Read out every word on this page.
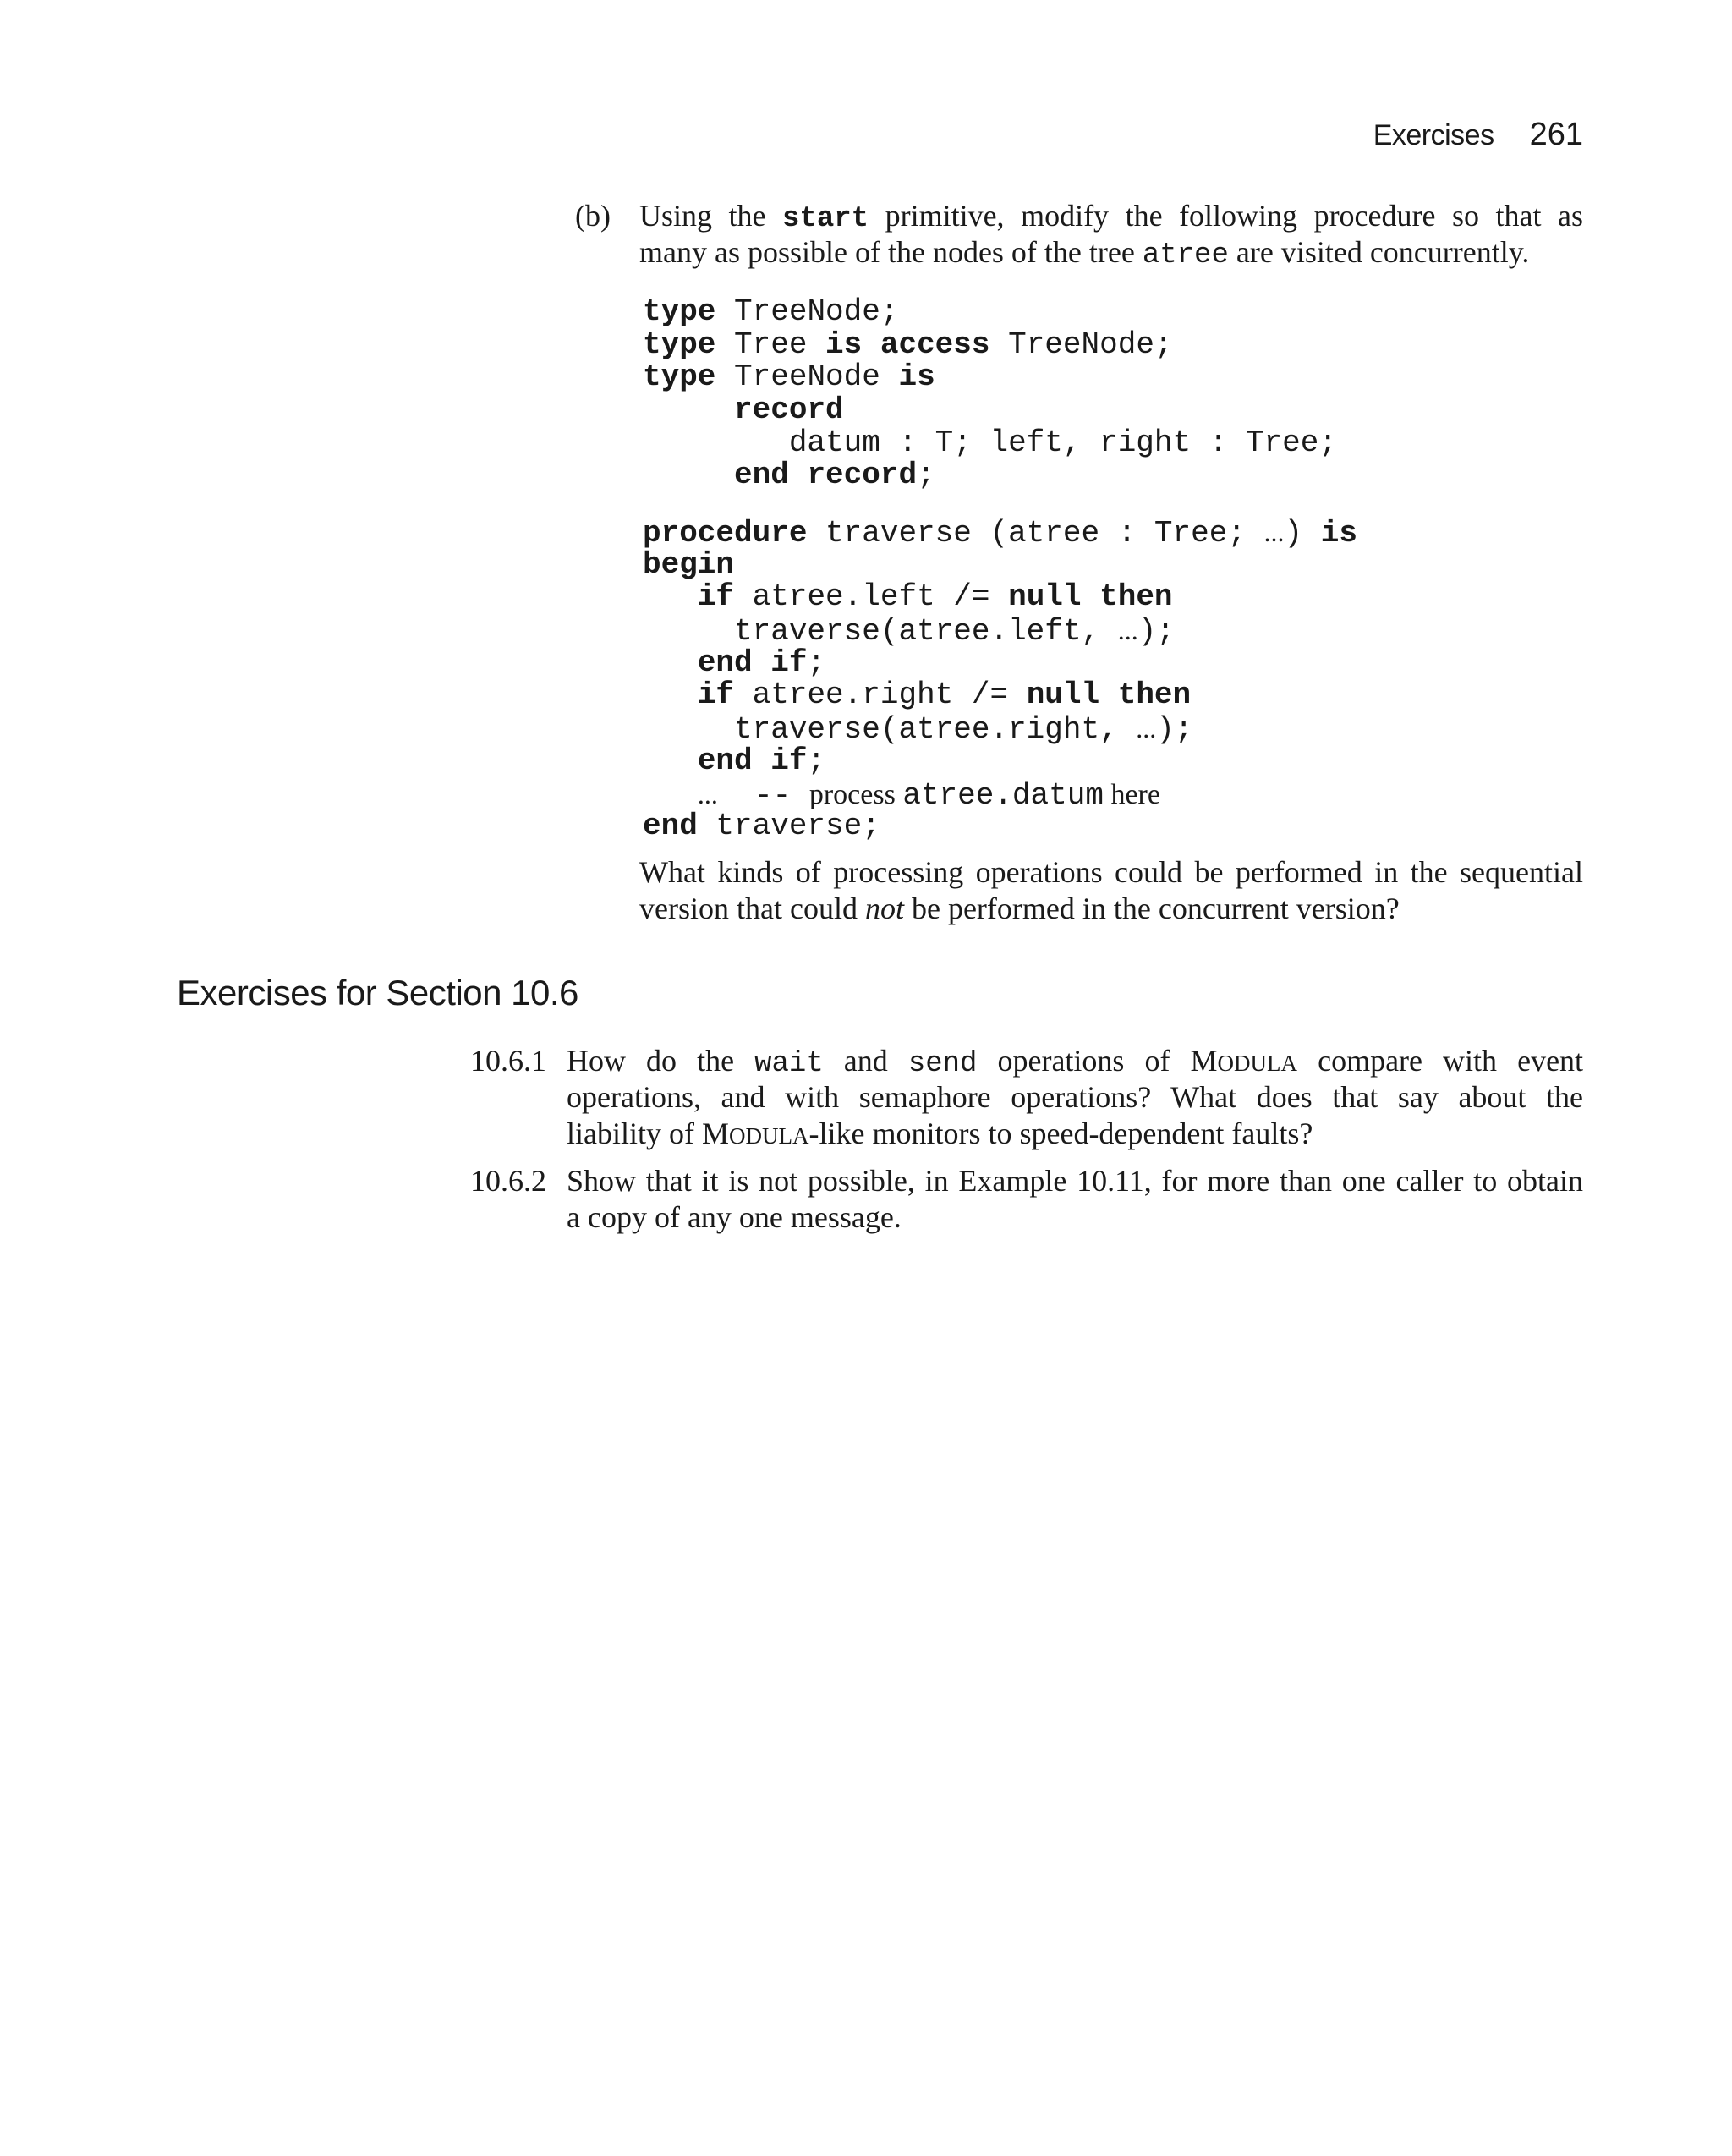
Exercises 261
(b) Using the start primitive, modify the following procedure so that as
many as possible of the nodes of the tree atree are visited concurrently.
type TreeNode;
type Tree is access TreeNode;
type TreeNode is
record
datum : T; left, right : Tree;
end record;
procedure traverse (atree : Tree; ...) is
begin
if atree.left /= null then
traverse(atree.left, ...);
end if;
if atree.right /= null then
traverse(atree.right, ...);
end if;
...  -- process atree.datum here
end traverse;
What kinds of processing operations could be performed in the sequential
version that could not be performed in the concurrent version?
Exercises for Section 10.6
10.6.1 How do the wait and send operations of MODULA compare with event
operations, and with semaphore operations? What does that say about the
liability of MODULA-like monitors to speed-dependent faults?
10.6.2 Show that it is not possible, in Example 10.11, for more than one caller to obtain
a copy of any one message.
